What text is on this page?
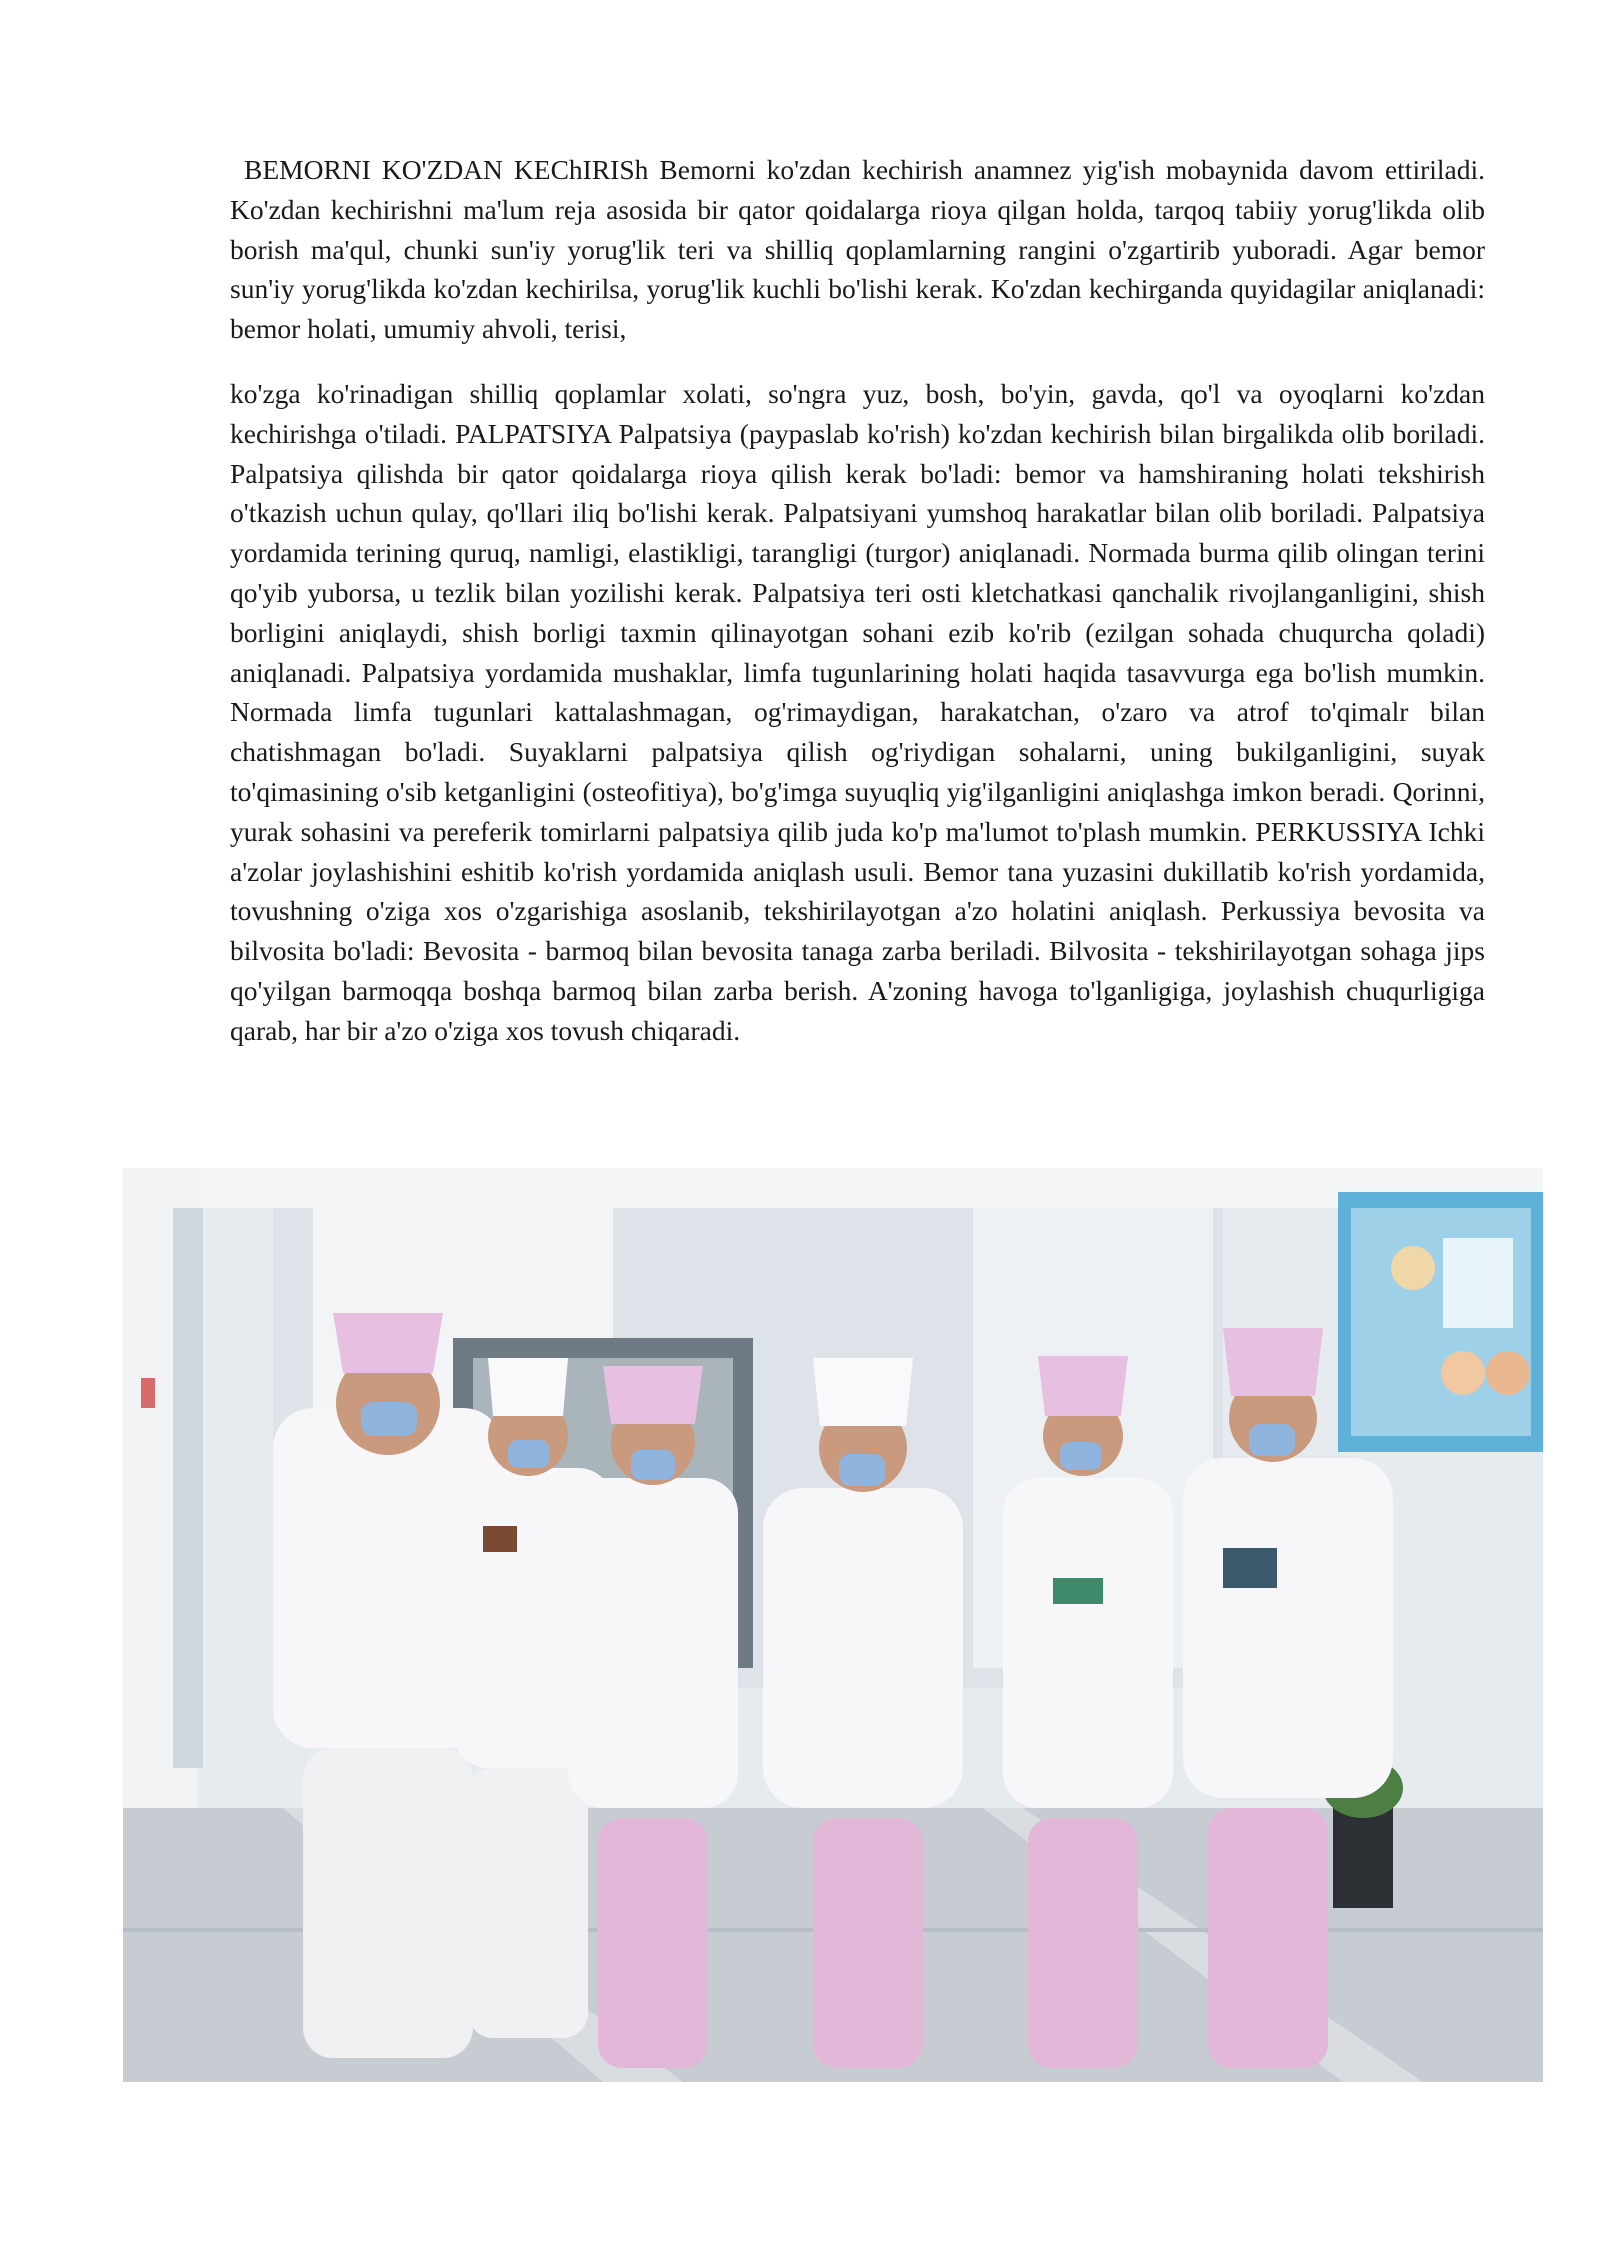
BEMORNI KO'ZDAN KEChIRISh Bemorni ko'zdan kechirish anamnez yig'ish mobaynida davom ettiriladi. Ko'zdan kechirishni ma'lum reja asosida bir qator qoidalarga rioya qilgan holda, tarqoq tabiiy yorug'likda olib borish ma'qul, chunki sun'iy yorug'lik teri va shilliq qoplamlarning rangini o'zgartirib yuboradi. Agar bemor sun'iy yorug'likda ko'zdan kechirilsa, yorug'lik kuchli bo'lishi kerak. Ko'zdan kechirganda quyidagilar aniqlanadi: bemor holati, umumiy ahvoli, terisi,

ko'zga ko'rinadigan shilliq qoplamlar xolati, so'ngra yuz, bosh, bo'yin, gavda, qo'l va oyoqlarni ko'zdan kechirishga o'tiladi. PALPATSIYA Palpatsiya (paypaslab ko'rish) ko'zdan kechirish bilan birgalikda olib boriladi. Palpatsiya qilishda bir qator qoidalarga rioya qilish kerak bo'ladi: bemor va hamshiraning holati tekshirish o'tkazish uchun qulay, qo'llari iliq bo'lishi kerak. Palpatsiyani yumshoq harakatlar bilan olib boriladi. Palpatsiya yordamida terining quruq, namligi, elastikligi, tarangligi (turgor) aniqlanadi. Normada burma qilib olingan terini qo'yib yuborsa, u tezlik bilan yozilishi kerak. Palpatsiya teri osti kletchatkasi qanchalik rivojlanganligini, shish borligini aniqlaydi, shish borligi taxmin qilinayotgan sohani ezib ko'rib (ezilgan sohada chuqurcha qoladi) aniqlanadi. Palpatsiya yordamida mushaklar, limfa tugunlarining holati haqida tasavvurga ega bo'lish mumkin. Normada limfa tugunlari kattalashmagan, og'rimaydigan, harakatchan, o'zaro va atrof to'qimalr bilan chatishmagan bo'ladi. Suyaklarni palpatsiya qilish og'riydigan sohalarni, uning bukilganligini, suyak to'qimasining o'sib ketganligini (osteofitiya), bo'g'imga suyuqliq yig'ilganligini aniqlashga imkon beradi. Qorinni, yurak sohasini va pereferik tomirlarni palpatsiya qilib juda ko'p ma'lumot to'plash mumkin. PERKUSSIYA Ichki a'zolar joylashishini eshitib ko'rish yordamida aniqlash usuli. Bemor tana yuzasini dukillatib ko'rish yordamida, tovushning o'ziga xos o'zgarishiga asoslanib, tekshirilayotgan a'zo holatini aniqlash. Perkussiya bevosita va bilvosita bo'ladi: Bevosita - barmoq bilan bevosita tanaga zarba beriladi. Bilvosita - tekshirilayotgan sohaga jips qo'yilgan barmoqqa boshqa barmoq bilan zarba berish. A'zoning havoga to'lganligiga, joylashish chuqurligiga qarab, har bir a'zo o'ziga xos tovush chiqaradi.
